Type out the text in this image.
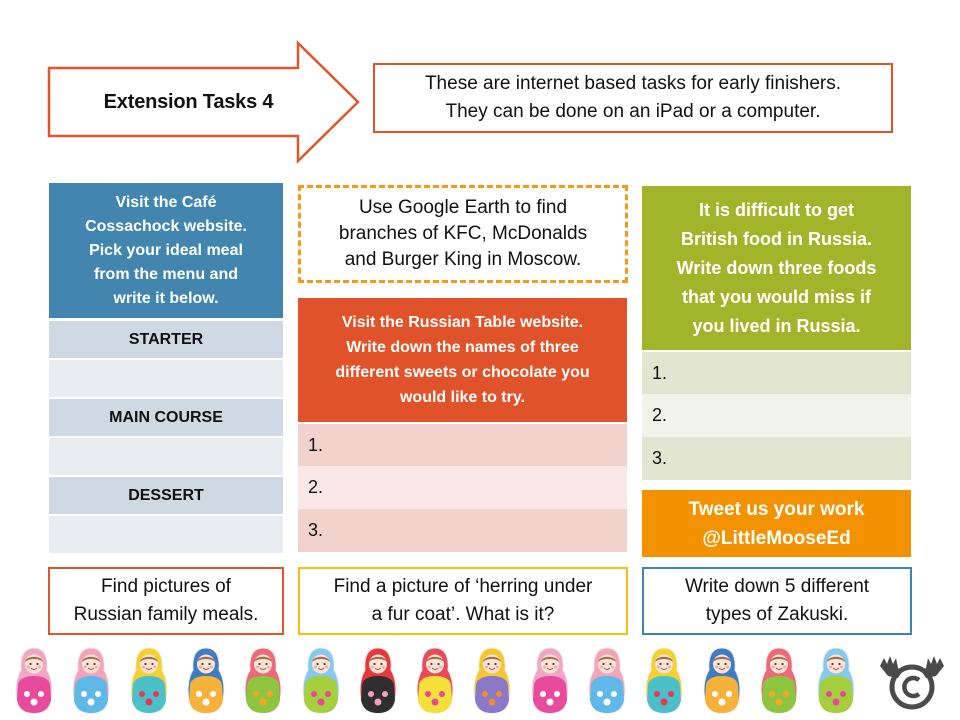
Extension Tasks 4
These are internet based tasks for early finishers.
They can be done on an iPad or a computer.
Visit the Café
Cossachock website.
Pick your ideal meal
from the menu and
write it below.
STARTER
MAIN COURSE
DESSERT
Use Google Earth to find
branches of KFC, McDonalds
and Burger King in Moscow.
Visit the Russian Table website.
Write down the names of three
different sweets or chocolate you
would like to try.
1.
2.
3.
It is difficult to get
British food in Russia.
Write down three foods
that you would miss if
you lived in Russia.
1.
2.
3.
Tweet us your work
@LittleMooseEd
Find pictures of
Russian family meals.
Find a picture of ‘herring under
a fur coat’. What is it?
Write down 5 different
types of Zakuski.
